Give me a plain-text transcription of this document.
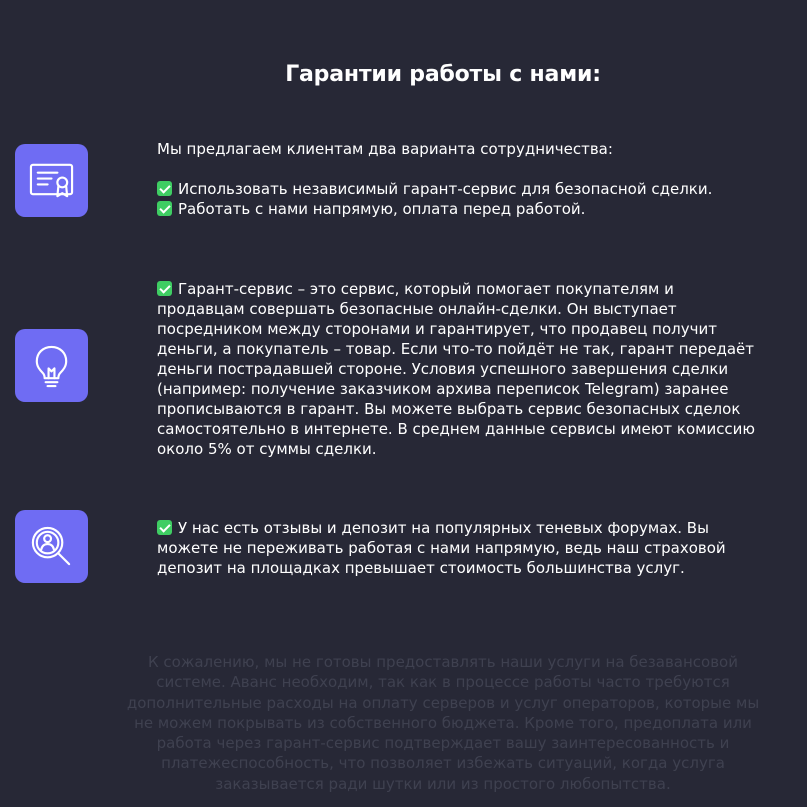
Гарантии работы с нами:

Мы предлагаем клиентам два варианта сотрудничества:

Использовать независимый гарант-сервис для безопасной сделки.

Работать с нами напрямую, оплата перед работой.

Гарант-сервис – это сервис, который помогает покупателям и продавцам совершать безопасные онлайн-сделки. Он выступает посредником между сторонами и гарантирует, что продавец получит деньги, а покупатель – товар. Если что-то пойдёт не так, гарант передаёт деньги пострадавшей стороне. Условия успешного завершения сделки (например: получение заказчиком архива переписок Telegram) заранее прописываются в гарант. Вы можете выбрать сервис безопасных сделок самостоятельно в интернете. В среднем данные сервисы имеют комиссию около 5% от суммы сделки.

У нас есть отзывы и депозит на популярных теневых форумах. Вы можете не переживать работая с нами напрямую, ведь наш страховой депозит на площадках превышает стоимость большинства услуг.

К сожалению, мы не готовы предоставлять наши услуги на безавансовой системе. Аванс необходим, так как в процессе работы часто требуются дополнительные расходы на оплату серверов и услуг операторов, которые мы не можем покрывать из собственного бюджета. Кроме того, предоплата или работа через гарант-сервис подтверждает вашу заинтересованность и платежеспособность, что позволяет избежать ситуаций, когда услуга заказывается ради шутки или из простого любопытства.
